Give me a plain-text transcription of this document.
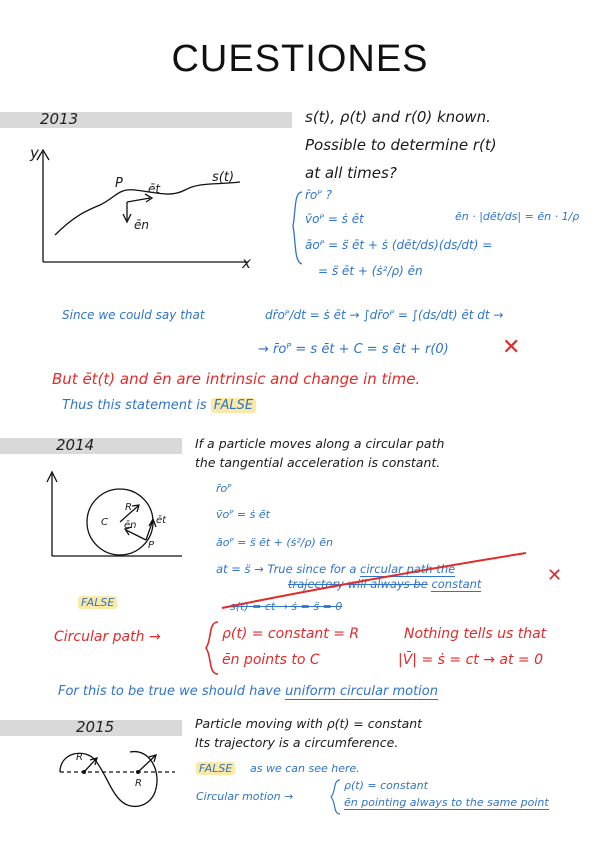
CUESTIONES
2013	s(t), ρ(t) and r(0) known.
Possible to determine r(t)
at all times?
y
x
P ēt
ēn
s(t)
r̄oᴾ ?
v̄oᴾ = ṡ ēt
āoᴾ = s̈ ēt + ṡ (dēt/ds)(ds/dt) =
= s̈ ēt + (ṡ²/ρ) ēn
ēn · |dēt/ds| = ēn · 1/ρ
Since we could say that	dr̄oᴾ/dt = ṡ ēt → ∫dr̄oᴾ = ∫(ds/dt) ēt dt →
→ r̄oᴾ = s ēt + C = s ēt + r(0) ✕
But ēt(t) and ēn are intrinsic and change in time.
Thus this statement is FALSE
2014	If a particle moves along a circular path
the tangential acceleration is constant.
C
R
ēn ēt
P
r̄oᴾ
v̄oᴾ = ṡ ēt
āoᴾ = s̈ ēt + (ṡ²/ρ) ēn
at = s̈ → True since for a circular path the
trajectory will always be constant	✕
FALSE	s(t) = ct → ṡ = s̈ = 0
Circular path →	ρ(t) = constant = R
ēn points to C
Nothing tells us that
|V̄| = ṡ = ct → at = 0
For this to be true we should have uniform circular motion
2015	Particle moving with ρ(t) = constant
Its trajectory is a circumference.
R
R
FALSE as we can see here.
Circular motion →
ρ(t) = constant
ēn pointing always to the same point
